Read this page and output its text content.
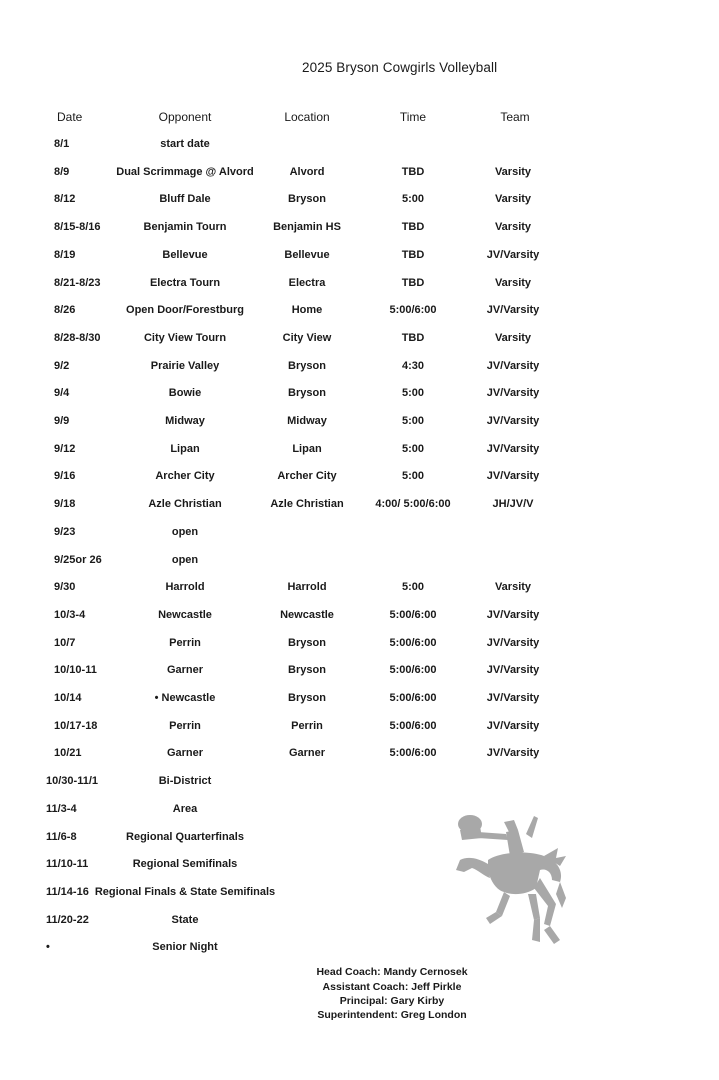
2025 Bryson Cowgirls Volleyball
Date	Opponent	Location	Time	Team
8/1	start date
8/9	Dual Scrimmage @ Alvord	Alvord	TBD	Varsity
8/12	Bluff Dale	Bryson	5:00	Varsity
8/15-8/16	Benjamin Tourn	Benjamin HS	TBD	Varsity
8/19	Bellevue	Bellevue	TBD	JV/Varsity
8/21-8/23	Electra Tourn	Electra	TBD	Varsity
8/26	Open Door/Forestburg	Home	5:00/6:00	JV/Varsity
8/28-8/30	City View Tourn	City View	TBD	Varsity
9/2	Prairie Valley	Bryson	4:30	JV/Varsity
9/4	Bowie	Bryson	5:00	JV/Varsity
9/9	Midway	Midway	5:00	JV/Varsity
9/12	Lipan	Lipan	5:00	JV/Varsity
9/16	Archer City	Archer City	5:00	JV/Varsity
9/18	Azle Christian	Azle Christian	4:00/ 5:00/6:00	JH/JV/V
9/23	open
9/25or 26	open
9/30	Harrold	Harrold	5:00	Varsity
10/3-4	Newcastle	Newcastle	5:00/6:00	JV/Varsity
10/7	Perrin	Bryson	5:00/6:00	JV/Varsity
10/10-11	Garner	Bryson	5:00/6:00	JV/Varsity
10/14	• Newcastle	Bryson	5:00/6:00	JV/Varsity
10/17-18	Perrin	Perrin	5:00/6:00	JV/Varsity
10/21	Garner	Garner	5:00/6:00	JV/Varsity
10/30-11/1	Bi-District
11/3-4	Area
11/6-8	Regional Quarterfinals
11/10-11	Regional Semifinals
11/14-16 Regional Finals & State Semifinals
11/20-22	State
•	Senior Night
Head Coach: Mandy Cernosek
Assistant Coach: Jeff Pirkle
Principal: Gary Kirby
Superintendent: Greg London
